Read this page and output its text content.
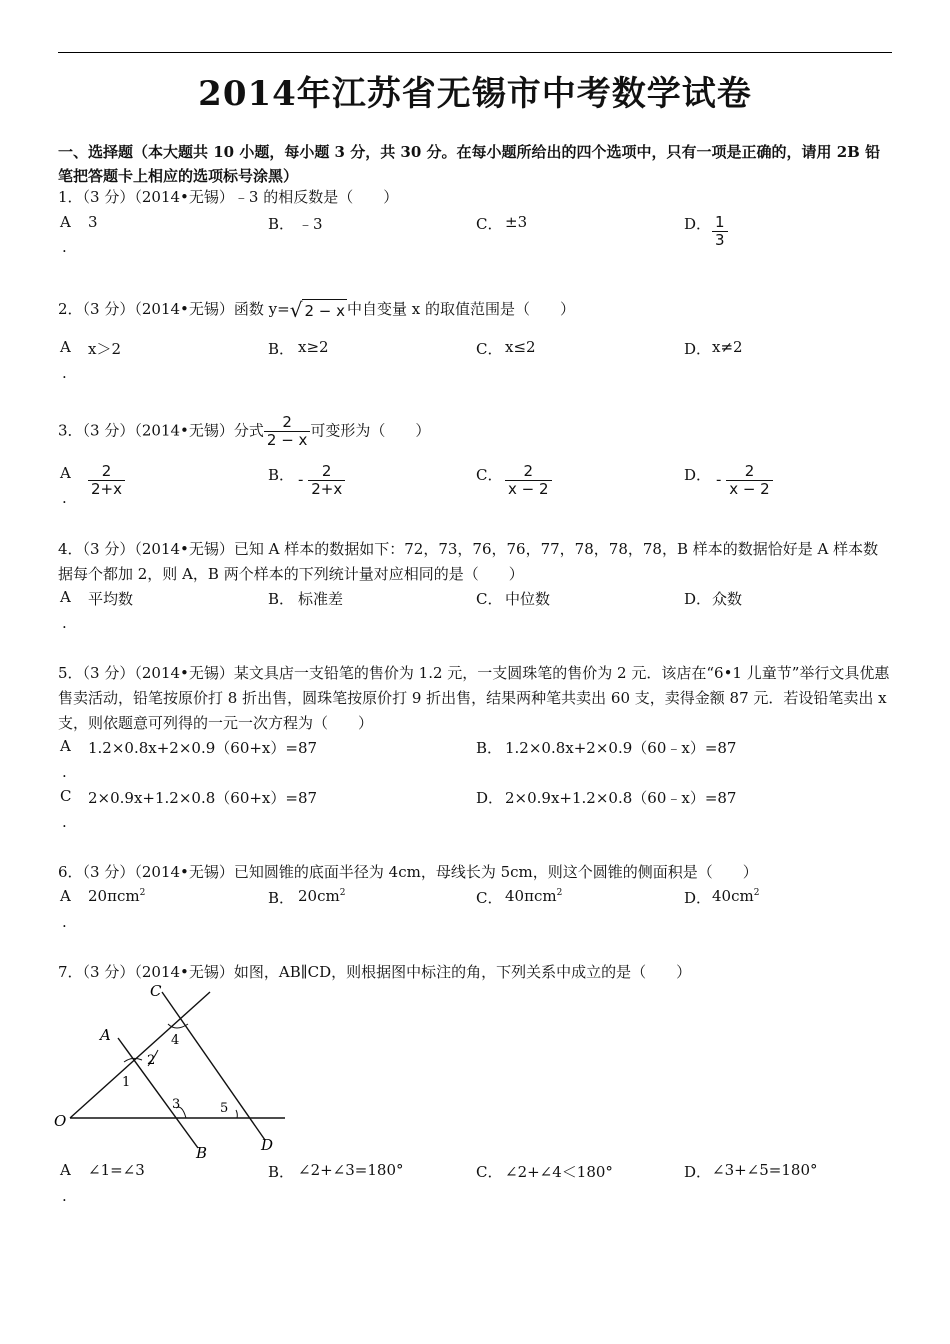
2014年江苏省无锡市中考数学试卷
一、选择题（本大题共 10 小题，每小题 3 分，共 30 分。在每小题所给出的四个选项中，只有一项是正确的，请用 2B 铅笔把答题卡上相应的选项标号涂黑）
1．（3 分）（2014•无锡）﹣3 的相反数是（　　）
A
.
3	B． ﹣3	C． ±3	D． $\frac{1}{3}$
2．（3 分）（2014•无锡）函数 y= √ 2 − x 中自变量 x 的取值范围是（　　）
A
.
x＞2	B． x≥2	C． x≤2	D． x≠2
3．（3 分）（2014•无锡）分式 $\frac{2}{2 - x}$ 可变形为（　　）
A
. $\frac{2}{2+x}$	B． - $\frac{2}{2+x}$	C． $\frac{2}{x - 2}$	D． - $\frac{2}{x - 2}$
4．（3 分）（2014•无锡）已知 A 样本的数据如下：72，73，76，76，77，78，78，78，B 样本的数据恰好是 A 样本数据每个都加 2，则 A，B 两个样本的下列统计量对应相同的是（　　）
A
.
平均数	B． 标准差	C． 中位数	D． 众数
5．（3 分）（2014•无锡）某文具店一支铅笔的售价为 1.2 元，一支圆珠笔的售价为 2 元．该店在“6•1 儿童节”举行文具优惠售卖活动，铅笔按原价打 8 折出售，圆珠笔按原价打 9 折出售，结果两种笔共卖出 60 支，卖得金额 87 元．若设铅笔卖出 x 支，则依题意可列得的一元一次方程为（　　）
A
.
1.2×0.8x+2×0.9（60+x）=87	B． 1.2×0.8x+2×0.9（60﹣x）=87
C
.
2×0.9x+1.2×0.8（60+x）=87	D． 2×0.9x+1.2×0.8（60﹣x）=87
6．（3 分）（2014•无锡）已知圆锥的底面半径为 4cm，母线长为 5cm，则这个圆锥的侧面积是（　　）
A
.
20πcm$^2$	B． $20cm^2$	C． 40πcm$^2$	D． $40cm^2$
7．（3 分）（2014•无锡）如图，AB∥CD，则根据图中标注的角，下列关系中成立的是（　　）
C
A
O
B	D
1
2
3
4
5
A
.
∠1=∠3	B． ∠2+∠3=180°	C． ∠2+∠4＜180°	D． ∠3+∠5=180°
